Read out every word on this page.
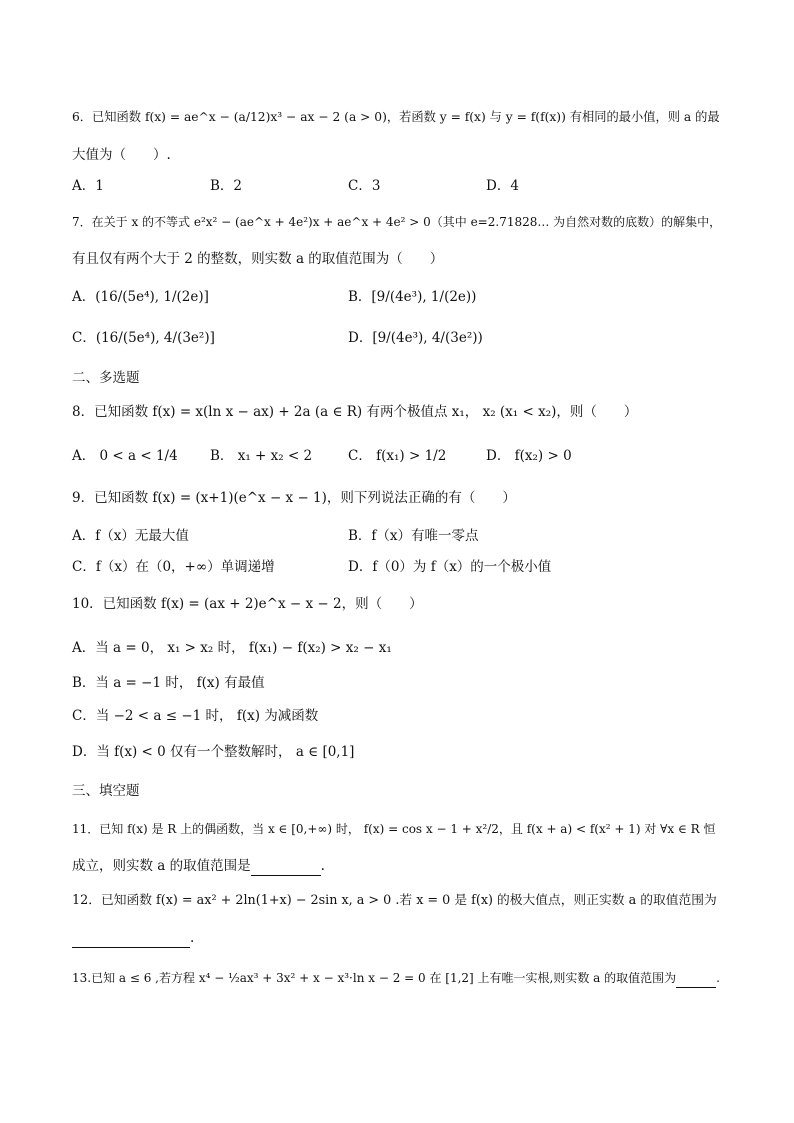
6．已知函数 f(x) = ae^x − (a/12)x³ − ax − 2 (a > 0)，若函数 y = f(x) 与 y = f(f(x)) 有相同的最小值，则 a 的最
大值为（　　）.
A．1	B．2	C．3	D．4
7．在关于 x 的不等式 e²x² − (ae^x + 4e²)x + ae^x + 4e² > 0（其中 e=2.71828… 为自然对数的底数）的解集中，
有且仅有两个大于 2 的整数，则实数 a 的取值范围为（　　）
A．(16/(5e⁴), 1/(2e)]	B．[9/(4e³), 1/(2e))
C．(16/(5e⁴), 4/(3e²)]	D．[9/(4e³), 4/(3e²))
二、多选题
8．已知函数 f(x) = x(ln x − ax) + 2a (a ∈ R) 有两个极值点 x₁， x₂ (x₁ < x₂)，则（　　）
A． 0 < a < 1/4 B． x₁ + x₂ < 2	C． f(x₁) > 1/2	D． f(x₂) > 0
9．已知函数 f(x) = (x+1)(e^x − x − 1)，则下列说法正确的有（　　）
A．f（x）无最大值	B．f（x）有唯一零点
C．f（x）在（0，+∞）单调递增	D．f（0）为 f（x）的一个极小值
10．已知函数 f(x) = (ax + 2)e^x − x − 2，则（　　）
A．当 a = 0， x₁ > x₂ 时， f(x₁) − f(x₂) > x₂ − x₁
B．当 a = −1 时， f(x) 有最值
C．当 −2 < a ≤ −1 时， f(x) 为减函数
D．当 f(x) < 0 仅有一个整数解时， a ∈ [0,1]
三、填空题
11．已知 f(x) 是 R 上的偶函数，当 x ∈ [0,+∞) 时， f(x) = cos x − 1 + x²/2，且 f(x + a) < f(x² + 1) 对 ∀x ∈ R 恒
成立，则实数 a 的取值范围是	.
12．已知函数 f(x) = ax² + 2ln(1+x) − 2sin x, a > 0 .若 x = 0 是 f(x) 的极大值点，则正实数 a 的取值范围为
.
13.已知 a ≤ 6 ,若方程 x⁴ − ½ax³ + 3x² + x − x³·ln x − 2 = 0 在 [1,2] 上有唯一实根,则实数 a 的取值范围为	.
